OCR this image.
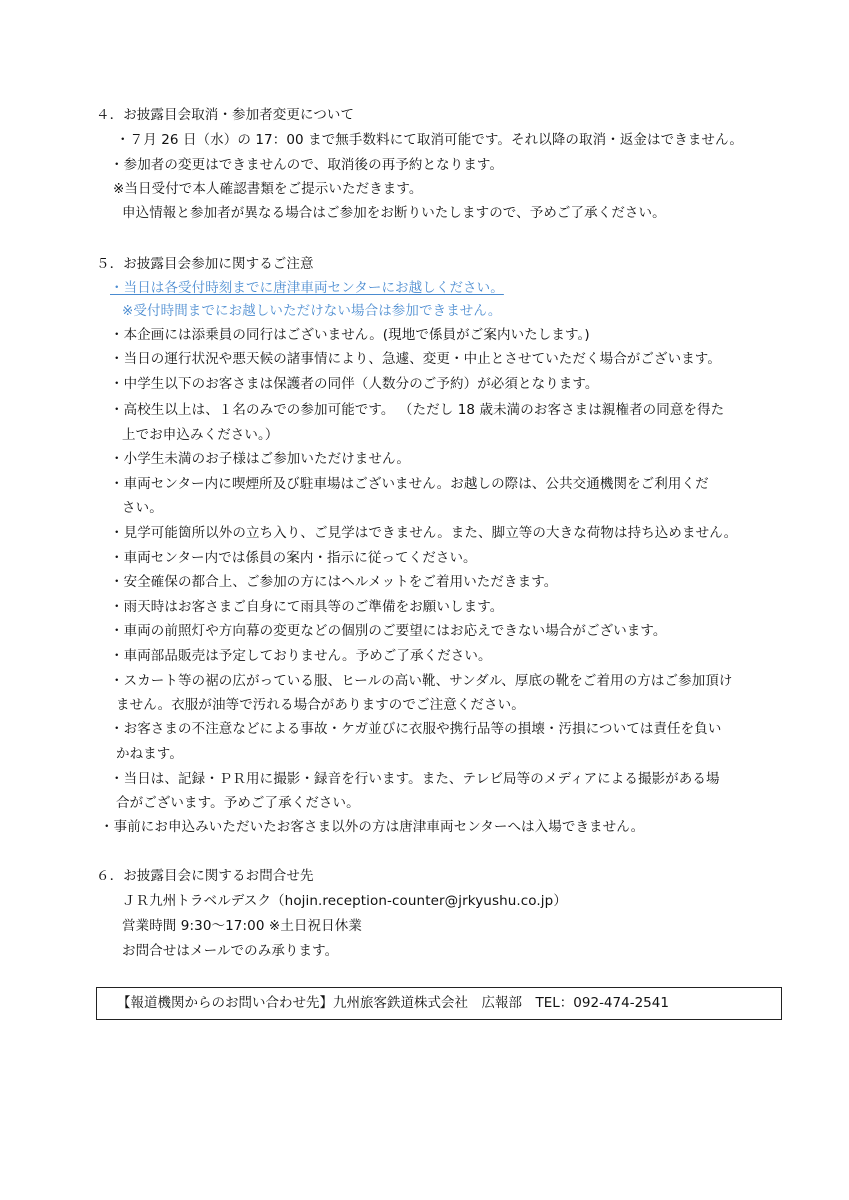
４．お披露目会取消・参加者変更について
・７月 26 日（水）の 17：00 まで無手数料にて取消可能です。それ以降の取消・返金はできません。
・参加者の変更はできませんので、取消後の再予約となります。
※当日受付で本人確認書類をご提示いただきます。
申込情報と参加者が異なる場合はご参加をお断りいたしますので、予めご了承ください。
５．お披露目会参加に関するご注意
・当日は各受付時刻までに唐津車両センターにお越しください。
※受付時間までにお越しいただけない場合は参加できません。
・本企画には添乗員の同行はございません。(現地で係員がご案内いたします。)
・当日の運行状況や悪天候の諸事情により、急遽、変更・中止とさせていただく場合がございます。
・中学生以下のお客さまは保護者の同伴（人数分のご予約）が必須となります。
・高校生以上は、１名のみでの参加可能です。 （ただし 18 歳未満のお客さまは親権者の同意を得た
上でお申込みください。）
・小学生未満のお子様はご参加いただけません。
・車両センター内に喫煙所及び駐車場はございません。お越しの際は、公共交通機関をご利用くだ
さい。
・見学可能箇所以外の立ち入り、ご見学はできません。また、脚立等の大きな荷物は持ち込めません。
・車両センター内では係員の案内・指示に従ってください。
・安全確保の都合上、ご参加の方にはヘルメットをご着用いただきます。
・雨天時はお客さまご自身にて雨具等のご準備をお願いします。
・車両の前照灯や方向幕の変更などの個別のご要望にはお応えできない場合がございます。
・車両部品販売は予定しておりません。予めご了承ください。
・スカート等の裾の広がっている服、ヒールの高い靴、サンダル、厚底の靴をご着用の方はご参加頂け
ません。衣服が油等で汚れる場合がありますのでご注意ください。
・お客さまの不注意などによる事故・ケガ並びに衣服や携行品等の損壊・汚損については責任を負い
かねます。
・当日は、記録・ＰＲ用に撮影・録音を行います。また、テレビ局等のメディアによる撮影がある場
合がございます。予めご了承ください。
・事前にお申込みいただいたお客さま以外の方は唐津車両センターへは入場できません。
６．お披露目会に関するお問合せ先
ＪＲ九州トラベルデスク（hojin.reception-counter@jrkyushu.co.jp）
営業時間 9:30～17:00 ※土日祝日休業
お問合せはメールでのみ承ります。
【報道機関からのお問い合わせ先】九州旅客鉄道株式会社　広報部　TEL：092-474-2541
